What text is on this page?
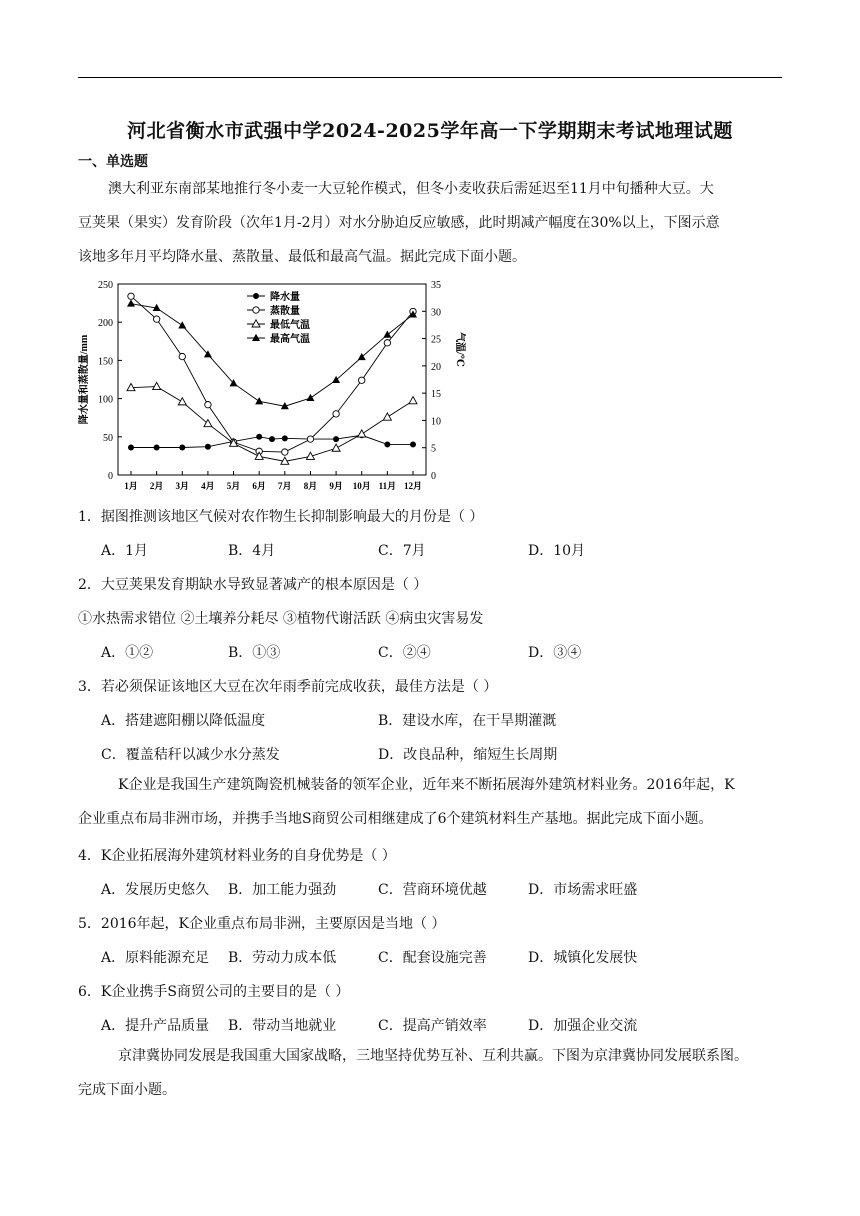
河北省衡水市武强中学2024-2025学年高一下学期期末考试地理试题
一、单选题
澳大利亚东南部某地推行冬小麦一大豆轮作模式，但冬小麦收获后需延迟至11月中旬播种大豆。大
豆荚果（果实）发育阶段（次年1月-2月）对水分胁迫反应敏感，此时期减产幅度在30%以上，下图示意
该地多年月平均降水量、蒸散量、最低和最高气温。据此完成下面小题。
0
50
100
150
200
250
0
5
10
15
20
25
30
35
1月 2月 3月 4月 5月 6月 7月 8月 9月 10月 11月 12月
降水量和蒸散量/mm	气温/℃
降水量
蒸散量
最低气温
最高气温
1．据图推测该地区气候对农作物生长抑制影响最大的月份是（ ）
A．1月	B．4月	C．7月	D．10月
2．大豆荚果发育期缺水导致显著减产的根本原因是（ ）
①水热需求错位 ②土壤养分耗尽 ③植物代谢活跃 ④病虫灾害易发
A．①②	B．①③	C．②④	D．③④
3．若必须保证该地区大豆在次年雨季前完成收获，最佳方法是（ ）
A．搭建遮阳棚以降低温度	B．建设水库，在干旱期灌溉
C．覆盖秸秆以减少水分蒸发	D．改良品种，缩短生长周期
K企业是我国生产建筑陶瓷机械装备的领军企业，近年来不断拓展海外建筑材料业务。2016年起，K
企业重点布局非洲市场，并携手当地S商贸公司相继建成了6个建筑材料生产基地。据此完成下面小题。
4．K企业拓展海外建筑材料业务的自身优势是（ ）
A．发展历史悠久 B．加工能力强劲	C．营商环境优越	D．市场需求旺盛
5．2016年起，K企业重点布局非洲，主要原因是当地（ ）
A．原料能源充足 B．劳动力成本低	C．配套设施完善	D．城镇化发展快
6．K企业携手S商贸公司的主要目的是（ ）
A．提升产品质量 B．带动当地就业	C．提高产销效率	D．加强企业交流
京津冀协同发展是我国重大国家战略，三地坚持优势互补、互利共赢。下图为京津冀协同发展联系图。
完成下面小题。
